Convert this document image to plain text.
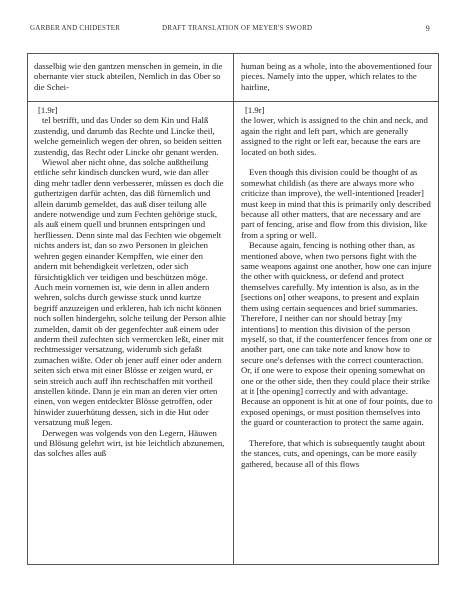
GARBER AND CHIDESTER	DRAFT TRANSLATION OF MEYER'S SWORD	9

dasselbig wie den gantzen menschen in gemein, in die obernante vier stuck abteilen, Nemlich in das Ober so die Schei-

human being as a whole, into the abovementioned four pieces. Namely into the upper, which relates to the hairline,

[1.9r]

tel betrifft, und das Under so dem Kin und Halß zustendig, und darumb das Rechte und Lincke theil, welche gemeinlich wegen der ohren, so beiden seitten zustendig, das Recht oder Lincke ohr genant werden.

Wiewol aber nicht ohne, das solche außtheilung ettliche sehr kindisch duncken wurd, wie dan aller ding mehr tadler denn verbesserer, müssen es doch die guthertzigen darfür achten, das diß fürnemlich und allein darumb gemeldet, das auß diser teilung alle andere notwendige und zum Fechten gehörige stuck, als auß einem quell und brunnen entspringen und herfliessen. Denn sinte mal das Fechten wie obgemelt nichts anders ist, dan so zwo Personen in gleichen wehren gegen einander Kempffen, wie einer den andern mit behendigkeit verletzen, oder sich fürsichtigklich ver teidigen und beschützen möge. Auch mein vornemen ist, wie denn in allen andern wehren, solchs durch gewisse stuck unnd kurtze begriff anzuzeigen und erkleren, hab ich nicht können noch sollen hindergehn, solche teilung der Person alhie zumelden, damit ob der gegenfechter auß einem oder anderm theil zufechten sich vermercken leßt, einer mit rechtmessiger versatzung, widerumb sich gefaßt zumachen wißte. Oder ob jener auff einer oder andern seiten sich etwa mit einer Blösse er zeigen wurd, er sein streich auch auff ihn rechtschaffen mit vortheil anstellen könde. Dann je ein man an deren vier orten einen, von wegen entdeckter Blösse getroffen, oder hinwider zuuerhütung dessen, sich in die Hut oder versatzung muß legen.

Derwegen was volgends von den Legern, Häuwen und Blösung gelehrt wirt, ist hie leichtlich abzunemen, das solches alles auß

[1.9r]

the lower, which is assigned to the chin and neck, and again the right and left part, which are generally assigned to the right or left ear, because the ears are located on both sides.

Even though this division could be thought of as somewhat childish (as there are always more who criticize than improve), the well-intentioned [reader] must keep in mind that this is primarily only described because all other matters, that are necessary and are part of fencing, arise and flow from this division, like from a spring or well.

Because again, fencing is nothing other than, as mentioned above, when two persons fight with the same weapons against one another, how one can injure the other with quickness, or defend and protect themselves carefully. My intention is also, as in the [sections on] other weapons, to present and explain them using certain sequences and brief summaries. Therefore, I neither can nor should betray [my intentions] to mention this division of the person myself, so that, if the counterfencer fences from one or another part, one can take note and know how to secure one's defenses with the correct counteraction. Or, if one were to expose their opening somewhat on one or the other side, then they could place their strike at it [the opening] correctly and with advantage. Because an opponent is hit at one of four points, due to exposed openings, or must position themselves into the guard or counteraction to protect the same again.

Therefore, that which is subsequently taught about the stances, cuts, and openings, can be more easily gathered, because all of this flows
